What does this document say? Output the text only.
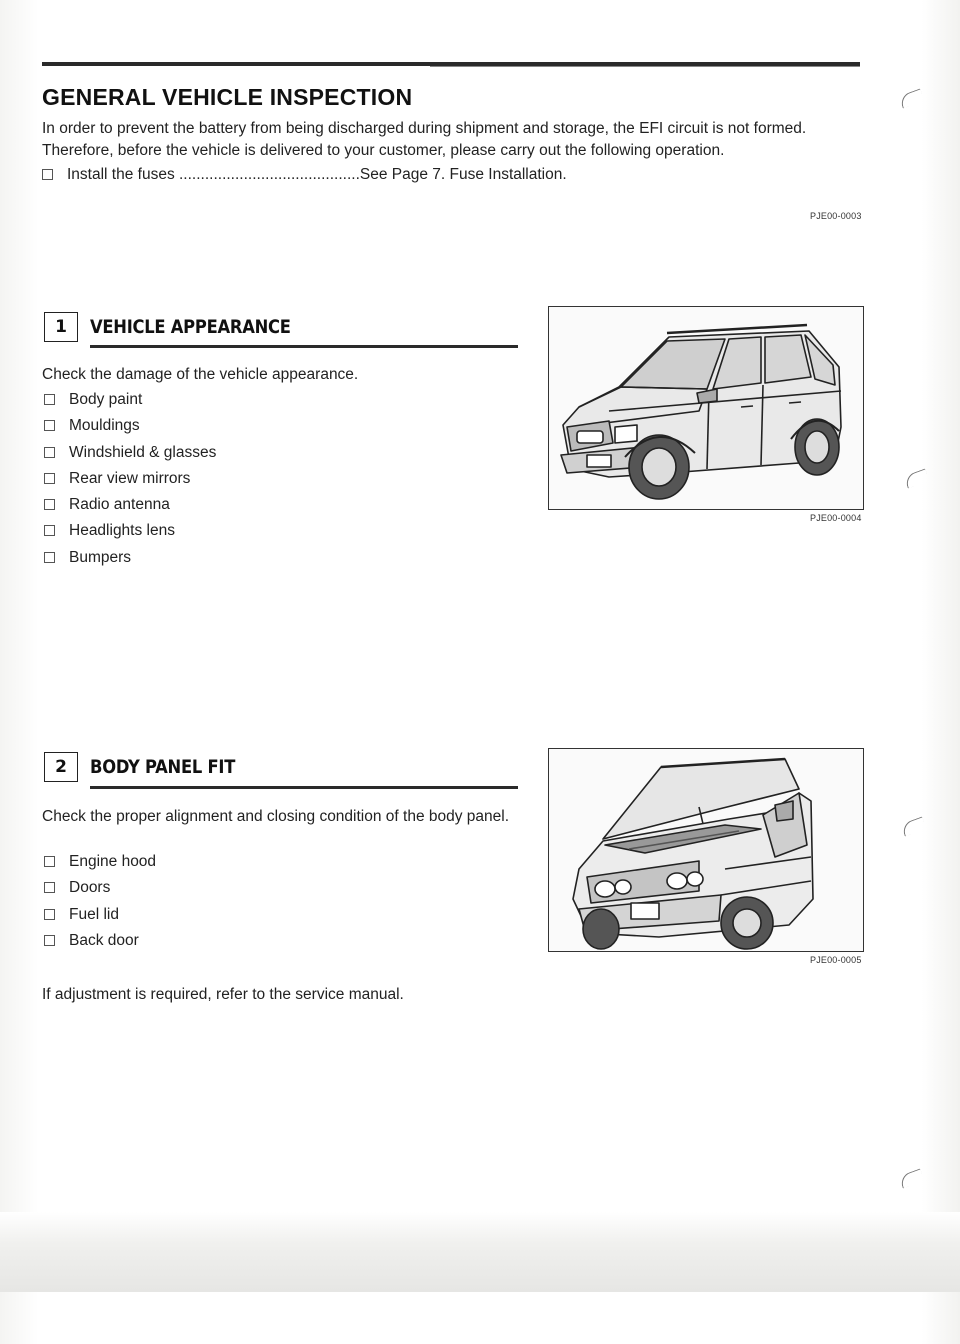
GENERAL VEHICLE INSPECTION
In order to prevent the battery from being discharged during shipment and storage, the EFI circuit is not formed. Therefore, before the vehicle is delivered to your customer, please carry out the following operation.
Install the fuses ..........................................See Page 7. Fuse Installation.
PJE00-0003
1	VEHICLE APPEARANCE
Check the damage of the vehicle appearance.
Body paint
Mouldings
Windshield & glasses
Rear view mirrors
Radio antenna
Headlights lens
Bumpers
PJE00-0004
2	BODY PANEL FIT
Check the proper alignment and closing condition of the body panel.
Engine hood
Doors
Fuel lid
Back door
PJE00-0005
If adjustment is required, refer to the service manual.
